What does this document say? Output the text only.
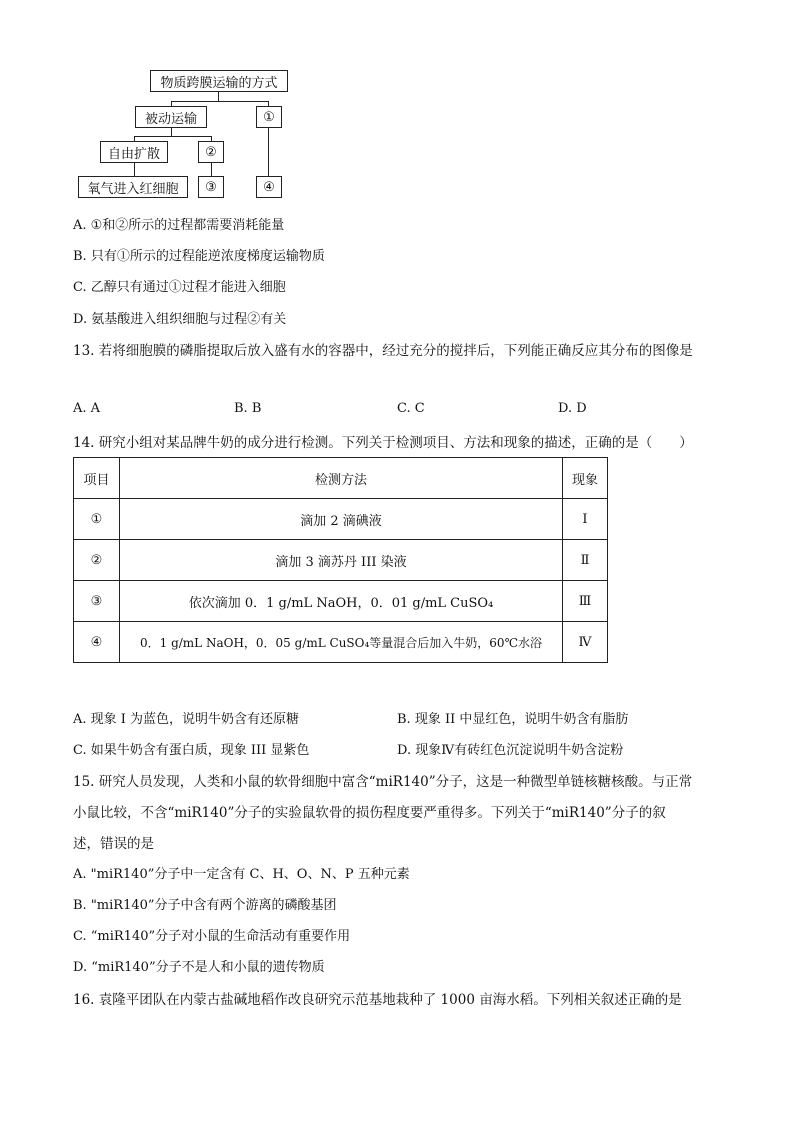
物质跨膜运输的方式
被动运输	①
自由扩散	②
氧气进入红细胞	③	④
A. ①和②所示的过程都需要消耗能量
B. 只有①所示的过程能逆浓度梯度运输物质
C. 乙醇只有通过①过程才能进入细胞
D. 氨基酸进入组织细胞与过程②有关
13. 若将细胞膜的磷脂提取后放入盛有水的容器中，经过充分的搅拌后，下列能正确反应其分布的图像是
A. A	B. B	C. C	D. D
14. 研究小组对某品牌牛奶的成分进行检测。下列关于检测项目、方法和现象的描述，正确的是（　　）
项目	检测方法	现象
①	滴加 2 滴碘液	Ⅰ
②	滴加 3 滴苏丹 III 染液	Ⅱ
③	依次滴加 0．1 g/mL NaOH，0．01 g/mL CuSO₄	Ⅲ
④	0．1 g/mL NaOH，0．05 g/mL CuSO₄等量混合后加入牛奶，60℃水浴	Ⅳ
A. 现象 I 为蓝色，说明牛奶含有还原糖	B. 现象 II 中显红色，说明牛奶含有脂肪
C. 如果牛奶含有蛋白质，现象 III 显紫色	D. 现象Ⅳ有砖红色沉淀说明牛奶含淀粉
15. 研究人员发现，人类和小鼠的软骨细胞中富含“miR140”分子，这是一种微型单链核糖核酸。与正常
小鼠比较，不含“miR140”分子的实验鼠软骨的损伤程度要严重得多。下列关于“miR140”分子的叙
述，错误的是
A. "miR140”分子中一定含有 C、H、O、N、P 五种元素
B. "miR140”分子中含有两个游离的磷酸基团
C. “miR140”分子对小鼠的生命活动有重要作用
D. “miR140”分子不是人和小鼠的遗传物质
16. 袁隆平团队在内蒙古盐碱地稻作改良研究示范基地栽种了 1000 亩海水稻。下列相关叙述正确的是
